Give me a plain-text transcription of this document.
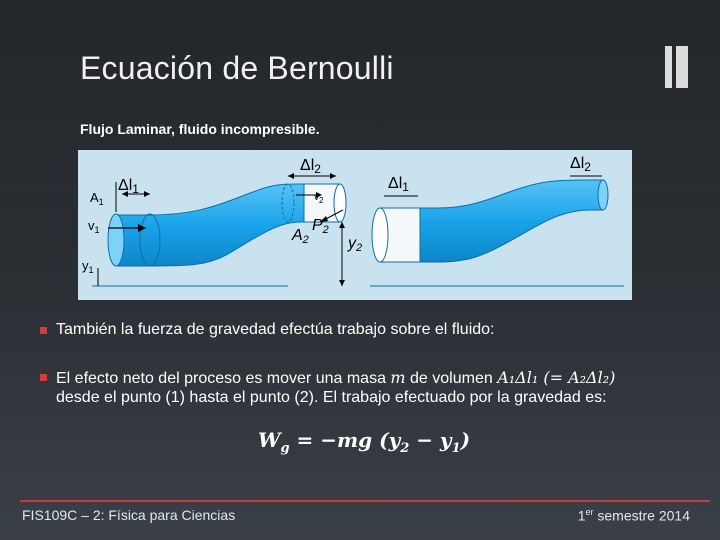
Ecuación de Bernoulli
Flujo Laminar, fluido incompresible.
Δl1
$A_1$
$v_1$
$y_1$
Δl2
$v_2$
A2
P2
y2
Δl1
Δl2
También la fuerza de gravedad efectúa trabajo sobre el fluido:
El efecto neto del proceso es mover una masa m de volumen A₁Δl₁ (= A₂Δl₂)
desde el punto (1) hasta el punto (2). El trabajo efectuado por la gravedad es:
$W_g = -mg$ $(y_2 - y_1)$
FIS109C – 2: Física para Ciencias	1er semestre 2014
